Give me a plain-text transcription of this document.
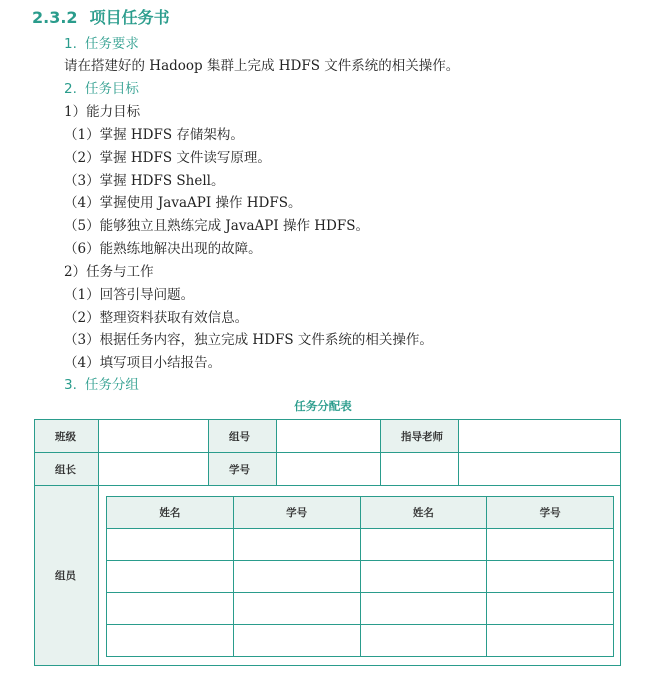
2.3.2 项目任务书
1. 任务要求
请在搭建好的 Hadoop 集群上完成 HDFS 文件系统的相关操作。
2. 任务目标
1）能力目标
（1）掌握 HDFS 存储架构。
（2）掌握 HDFS 文件读写原理。
（3）掌握 HDFS Shell。
（4）掌握使用 JavaAPI 操作 HDFS。
（5）能够独立且熟练完成 JavaAPI 操作 HDFS。
（6）能熟练地解决出现的故障。
2）任务与工作
（1）回答引导问题。
（2）整理资料获取有效信息。
（3）根据任务内容，独立完成 HDFS 文件系统的相关操作。
（4）填写项目小结报告。
3. 任务分组
任务分配表
班级		组号		指导老师	
组长		学号			
组员	
姓名	学号	姓名	学号
